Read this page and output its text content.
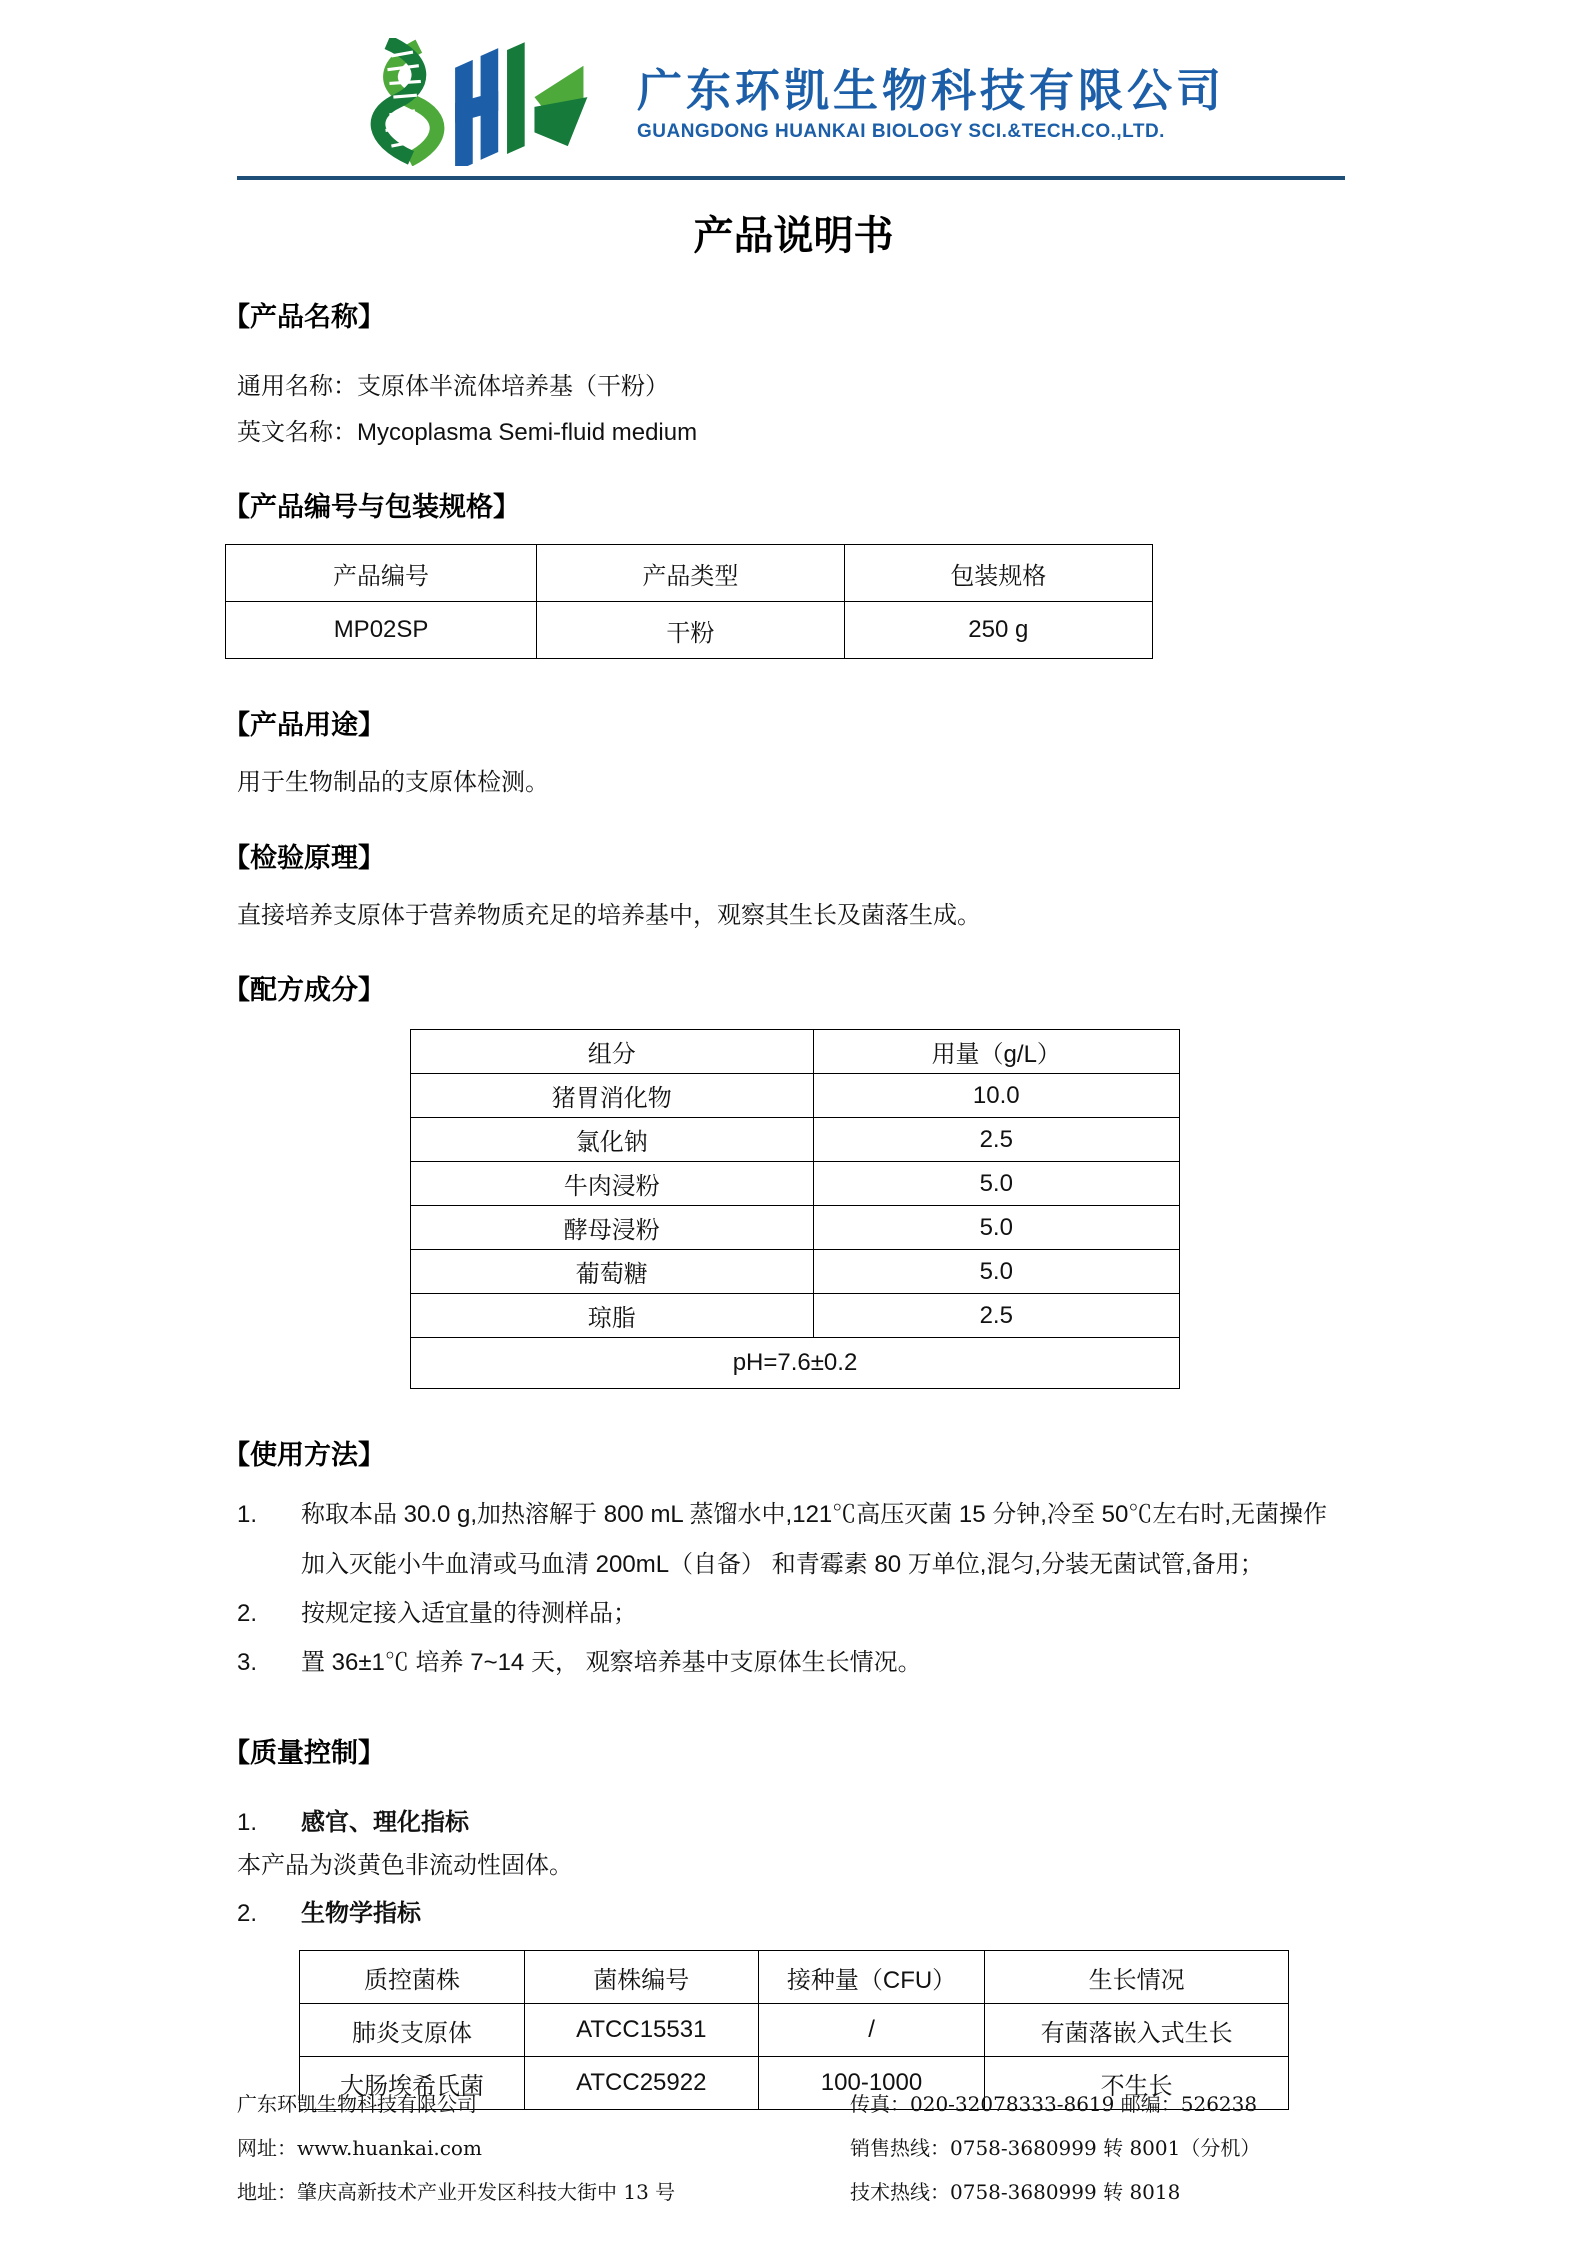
广东环凯生物科技有限公司
GUANGDONG HUANKAI BIOLOGY SCI.&TECH.CO.,LTD.
产品说明书
【产品名称】

通用名称：支原体半流体培养基（干粉）

英文名称：Mycoplasma Semi-fluid medium

【产品编号与包装规格】
产品编号	产品类型	包装规格
MP02SP	干粉	250 g
【产品用途】

用于生物制品的支原体检测。

【检验原理】

直接培养支原体于营养物质充足的培养基中，观察其生长及菌落生成。

【配方成分】
组分	用量（g/L）
猪胃消化物	10.0
氯化钠	2.5
牛肉浸粉	5.0
酵母浸粉	5.0
葡萄糖	5.0
琼脂	2.5
pH=7.6±0.2	
【使用方法】
1.	称取本品 30.0 g,加热溶解于 800 mL 蒸馏水中,121℃高压灭菌 15 分钟,冷至 50℃左右时,无菌操作加入灭能小牛血清或马血清 200mL（自备） 和青霉素 80 万单位,混匀,分装无菌试管,备用；
2.	按规定接入适宜量的待测样品；
3.	置 36±1℃ 培养 7~14 天， 观察培养基中支原体生长情况。
【质量控制】
1.	感官、理化指标

本产品为淡黄色非流动性固体。

2.	生物学指标
质控菌株	菌株编号	接种量（CFU）	生长情况
肺炎支原体	ATCC15531	/	有菌落嵌入式生长
大肠埃希氏菌	ATCC25922	100-1000	不生长
广东环凯生物科技有限公司
网址：www.huankai.com
地址：肇庆高新技术产业开发区科技大街中 13 号
传真：020-32078333-8619 邮编：526238
销售热线：0758-3680999 转 8001（分机）
技术热线：0758-3680999 转 8018
